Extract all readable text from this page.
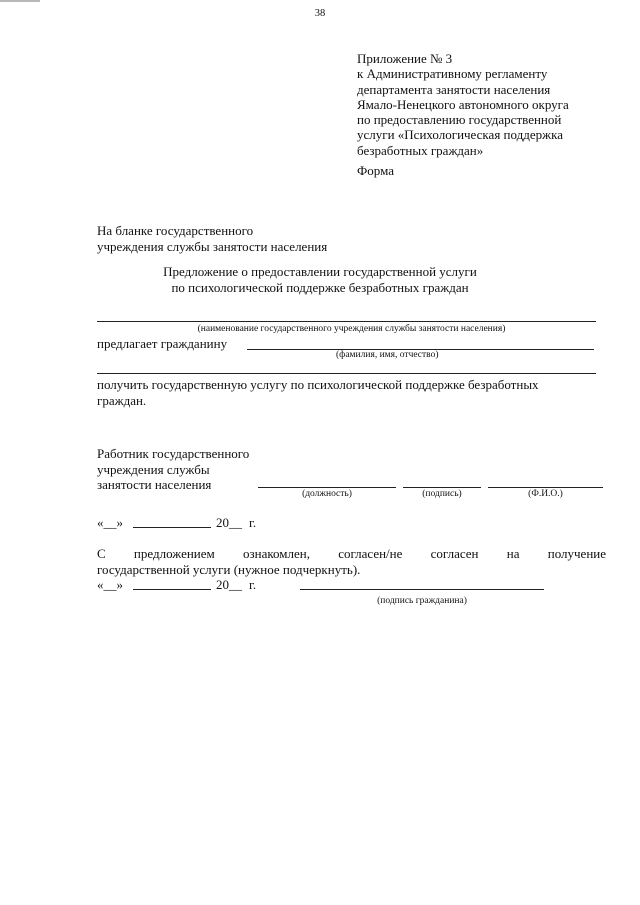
38
Приложение № 3
к Административному регламенту
департамента занятости населения
Ямало-Ненецкого автономного округа
по предоставлению государственной
услуги «Психологическая поддержка
безработных граждан»
Форма
На бланке государственного
учреждения службы занятости населения
Предложение о предоставлении государственной услуги
по психологической поддержке безработных граждан
(наименование государственного учреждения службы занятости населения)
предлагает гражданину
(фамилия, имя, отчество)
получить государственную услугу по психологической поддержке безработных
граждан.
Работник государственного
учреждения службы
занятости населения
(должность)	(подпись)	(Ф.И.О.)
«__»	20__ г.
С предложением ознакомлен, согласен/не согласен на получение
государственной услуги (нужное подчеркнуть).
«__»	20__ г.
(подпись гражданина)
